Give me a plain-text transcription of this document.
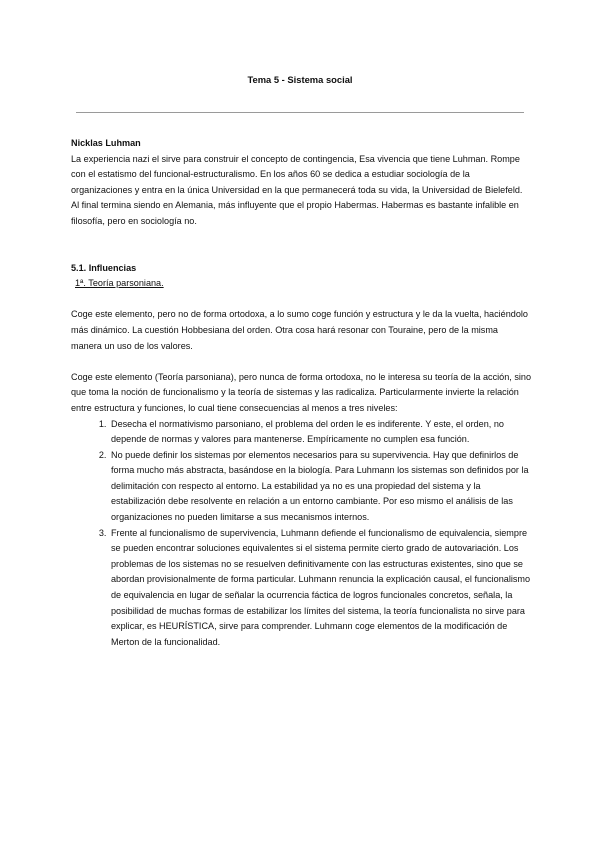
Tema 5 - Sistema social

Nicklas Luhman

La experiencia nazi el sirve para construir el concepto de contingencia, Esa vivencia que tiene Luhman. Rompe con el estatismo del funcional-estructuralismo. En los años 60 se dedica a estudiar sociología de la organizaciones y entra en la única Universidad en la que permanecerá toda su vida, la Universidad de Bielefeld. Al final termina siendo en Alemania, más influyente que el propio Habermas. Habermas es bastante infalible en filosofía, pero en sociología no.

5.1. Influencias

1ª. Teoría parsoniana.

Coge este elemento, pero no de forma ortodoxa, a lo sumo coge función y estructura y le da la vuelta, haciéndolo más dinámico. La cuestión Hobbesiana del orden. Otra cosa hará resonar con Touraine, pero de la misma manera un uso de los valores.

Coge este elemento (Teoría parsoniana), pero nunca de forma ortodoxa, no le interesa su teoría de la acción, sino que toma la noción de funcionalismo y la teoría de sistemas y las radicaliza. Particularmente invierte la relación entre estructura y funciones, lo cual tiene consecuencias al menos a tres niveles:

1. Desecha el normativismo parsoniano, el problema del orden le es indiferente. Y este, el orden, no depende de normas y valores para mantenerse. Empíricamente no cumplen esa función.
2. No puede definir los sistemas por elementos necesarios para su supervivencia. Hay que definirlos de forma mucho más abstracta, basándose en la biología. Para Luhmann los sistemas son definidos por la delimitación con respecto al entorno. La estabilidad ya no es una propiedad del sistema y la estabilización debe resolvente en relación a un entorno cambiante. Por eso mismo el análisis de las organizaciones no pueden limitarse a sus mecanismos internos.
3. Frente al funcionalismo de supervivencia, Luhmann defiende el funcionalismo de equivalencia, siempre se pueden encontrar soluciones equivalentes si el sistema permite cierto grado de autovariación. Los problemas de los sistemas no se resuelven definitivamente con las estructuras existentes, sino que se abordan provisionalmente de forma particular. Luhmann renuncia la explicación causal, el funcionalismo de equivalencia en lugar de señalar la ocurrencia fáctica de logros funcionales concretos, señala, la posibilidad de muchas formas de estabilizar los límites del sistema, la teoría funcionalista no sirve para explicar, es HEURÍSTICA, sirve para comprender. Luhmann coge elementos de la modificación de Merton de la funcionalidad.
